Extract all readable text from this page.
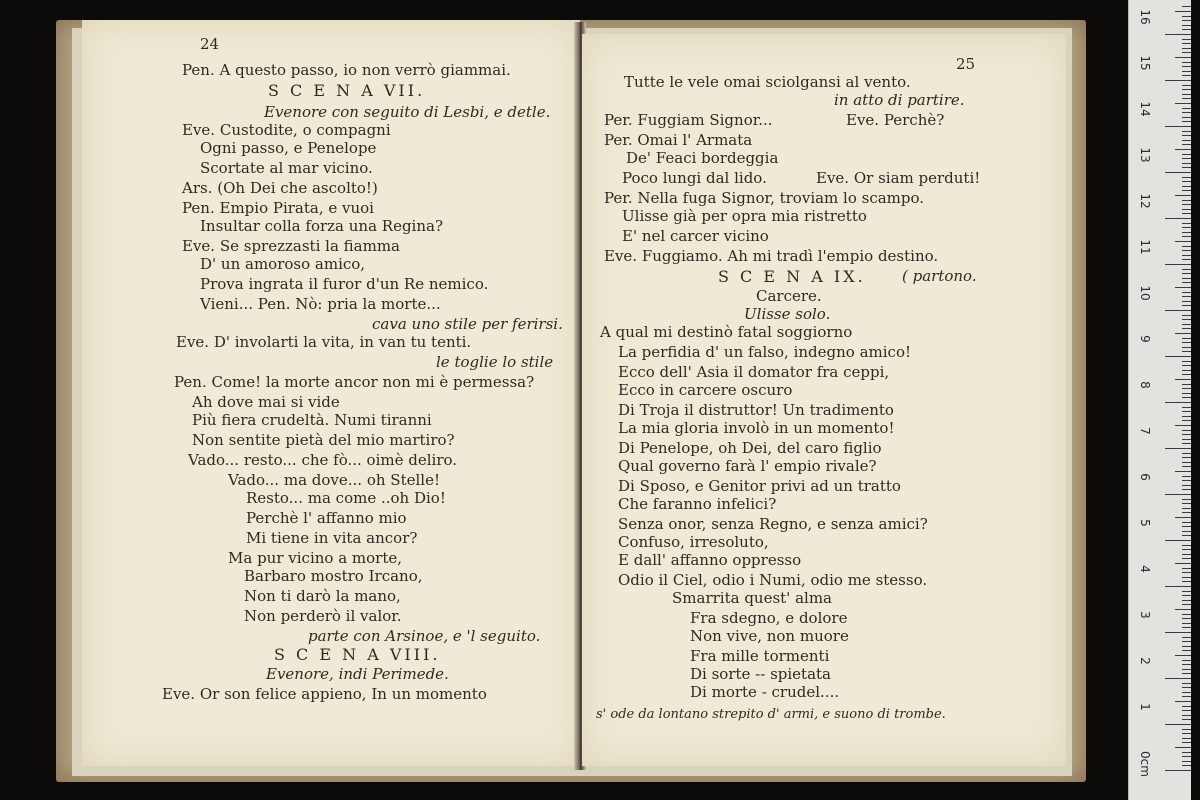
24
Pen. A questo passo, io non verrò giammai.
S C E N A VII.
Evenore con seguito di Lesbi, e detle.
Eve. Custodite, o compagni
Ogni passo, e Penelope
Scortate al mar vicino.
Ars. (Oh Dei che ascolto!)
Pen. Empio Pirata, e vuoi
Insultar colla forza una Regina?
Eve. Se sprezzasti la fiamma
D' un amoroso amico,
Prova ingrata il furor d'un Re nemico.
Vieni... Pen. Nò: pria la morte...
cava uno stile per ferirsi.
Eve. D' involarti la vita, in van tu tenti.
le toglie lo stile
Pen. Come! la morte ancor non mi è permessa?
Ah dove mai si vide
Più fiera crudeltà. Numi tiranni
Non sentite pietà del mio martiro?
Vado... resto... che fò... oimè deliro.
Vado... ma dove... oh Stelle!
Resto... ma come ..oh Dio!
Perchè l' affanno mio
Mi tiene in vita ancor?
Ma pur vicino a morte,
Barbaro mostro Ircano,
Non ti darò la mano,
Non perderò il valor.
parte con Arsinoe, e 'l seguito.
S C E N A VIII.
Evenore, indi Perimede.
Eve. Or son felice appieno, In un momento
25
Tutte le vele omai sciolgansi al vento.
in atto di partire.
Per. Fuggiam Signor...	Eve. Perchè?
Per. Omai l' Armata
De' Feaci bordeggia
Poco lungi dal lido.	Eve. Or siam perduti!
Per. Nella fuga Signor, troviam lo scampo.
Ulisse già per opra mia ristretto
E' nel carcer vicino
Eve. Fuggiamo. Ah mi tradì l'empio destino.
S C E N A IX. ( partono.
Carcere.
Ulisse solo.
A qual mi destinò fatal soggiorno
La perfidia d' un falso, indegno amico!
Ecco dell' Asia il domator fra ceppi,
Ecco in carcere oscuro
Di Troja il distruttor! Un tradimento
La mia gloria involò in un momento!
Di Penelope, oh Dei, del caro figlio
Qual governo farà l' empio rivale?
Di Sposo, e Genitor privi ad un tratto
Che faranno infelici?
Senza onor, senza Regno, e senza amici?
Confuso, irresoluto,
E dall' affanno oppresso
Odio il Ciel, odio i Numi, odio me stesso.
Smarrita quest' alma
Fra sdegno, e dolore
Non vive, non muore
Fra mille tormenti
Di sorte -- spietata
Di morte - crudel....
s' ode da lontano strepito d' armi, e suono di trombe.
0cm
1
2
3
4
5
6
7
8
9
10
11
12
13
14
15
16
